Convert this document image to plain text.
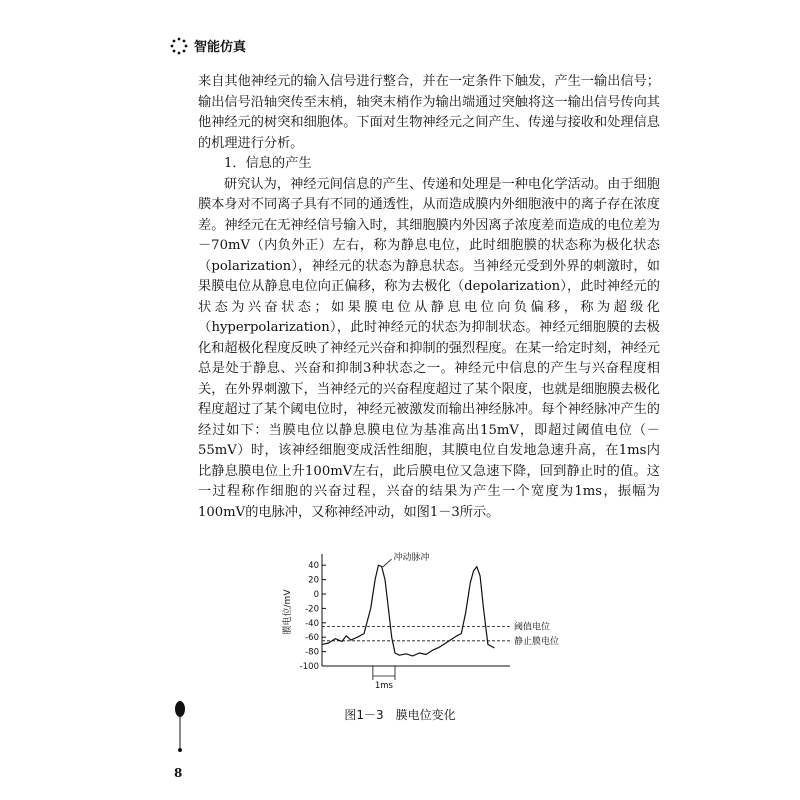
智能仿真

来自其他神经元的输入信号进行整合，并在一定条件下触发，产生一输出信号；输出信号沿轴突传至末梢，轴突末梢作为输出端通过突触将这一输出信号传向其他神经元的树突和细胞体。下面对生物神经元之间产生、传递与接收和处理信息的机理进行分析。

1．信息的产生

研究认为，神经元间信息的产生、传递和处理是一种电化学活动。由于细胞膜本身对不同离子具有不同的通透性，从而造成膜内外细胞液中的离子存在浓度差。神经元在无神经信号输入时，其细胞膜内外因离子浓度差而造成的电位差为－70mV（内负外正）左右，称为静息电位，此时细胞膜的状态称为极化状态（polarization），神经元的状态为静息状态。当神经元受到外界的刺激时，如果膜电位从静息电位向正偏移，称为去极化（depolarization），此时神经元的状态为兴奋状态；如果膜电位从静息电位向负偏移，称为超级化（hyperpolarization），此时神经元的状态为抑制状态。神经元细胞膜的去极化和超极化程度反映了神经元兴奋和抑制的强烈程度。在某一给定时刻，神经元总是处于静息、兴奋和抑制3种状态之一。神经元中信息的产生与兴奋程度相关，在外界刺激下，当神经元的兴奋程度超过了某个限度，也就是细胞膜去极化程度超过了某个阈电位时，神经元被激发而输出神经脉冲。每个神经脉冲产生的经过如下：当膜电位以静息膜电位为基准高出15mV，即超过阈值电位（－55mV）时，该神经细胞变成活性细胞，其膜电位自发地急速升高，在1ms内比静息膜电位上升100mV左右，此后膜电位又急速下降，回到静止时的值。这一过程称作细胞的兴奋过程，兴奋的结果为产生一个宽度为1ms，振幅为100mV的电脉冲，又称神经冲动，如图1－3所示。

40
20
0
-20
-40
-60
-80
-100
膜电位/mV	阈值电位
静止膜电位
冲动脉冲
1ms
图1－3　膜电位变化
8
